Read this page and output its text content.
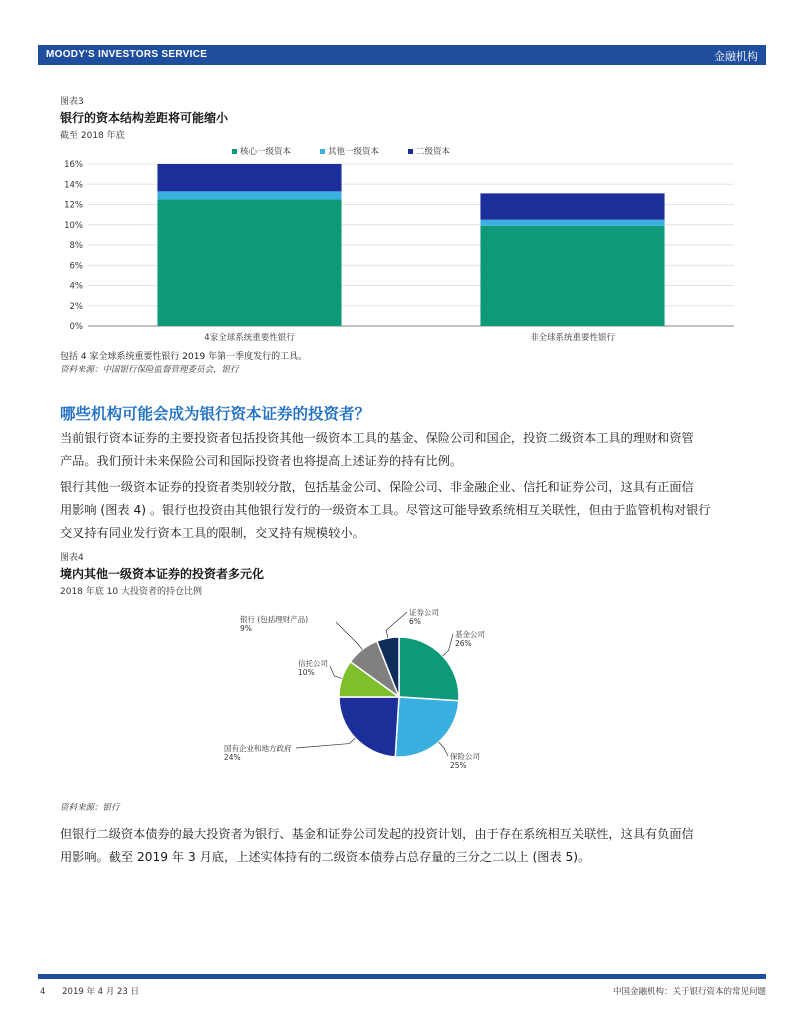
MOODY'S INVESTORS SERVICE	金融机构
图表3
银行的资本结构差距将可能缩小
截至 2018 年底
核心一级资本	其他一级资本	二级资本
0%
2%
4%
6%
8%
10%
12%
14%
16%
4家全球系统重要性银行	非全球系统重要性银行
包括 4 家全球系统重要性银行 2019 年第一季度发行的工具。
资料来源：中国银行保险监督管理委员会，银行
哪些机构可能会成为银行资本证券的投资者？
当前银行资本证券的主要投资者包括投资其他一级资本工具的基金、保险公司和国企，投资二级资本工具的理财和资管
产品。我们预计未来保险公司和国际投资者也将提高上述证券的持有比例。
银行其他一级资本证券的投资者类别较分散，包括基金公司、保险公司、非金融企业、信托和证券公司，这具有正面信
用影响 (图表 4) 。银行也投资由其他银行发行的一级资本工具。尽管这可能导致系统相互关联性，但由于监管机构对银行
交叉持有同业发行资本工具的限制，交叉持有规模较小。
图表4
境内其他一级资本证券的投资者多元化
2018 年底 10 大投资者的持仓比例
基金公司
26%
保险公司
25%
国有企业和地方政府
24%
信托公司
10%
银行 (包括理财产品)
9%
证券公司
6%
资料来源：银行
但银行二级资本债券的最大投资者为银行、基金和证券公司发起的投资计划，由于存在系统相互关联性，这具有负面信
用影响。截至 2019 年 3 月底，上述实体持有的二级资本债券占总存量的三分之二以上 (图表 5)。
4 2019 年 4 月 23 日	中国金融机构：关于银行资本的常见问题
